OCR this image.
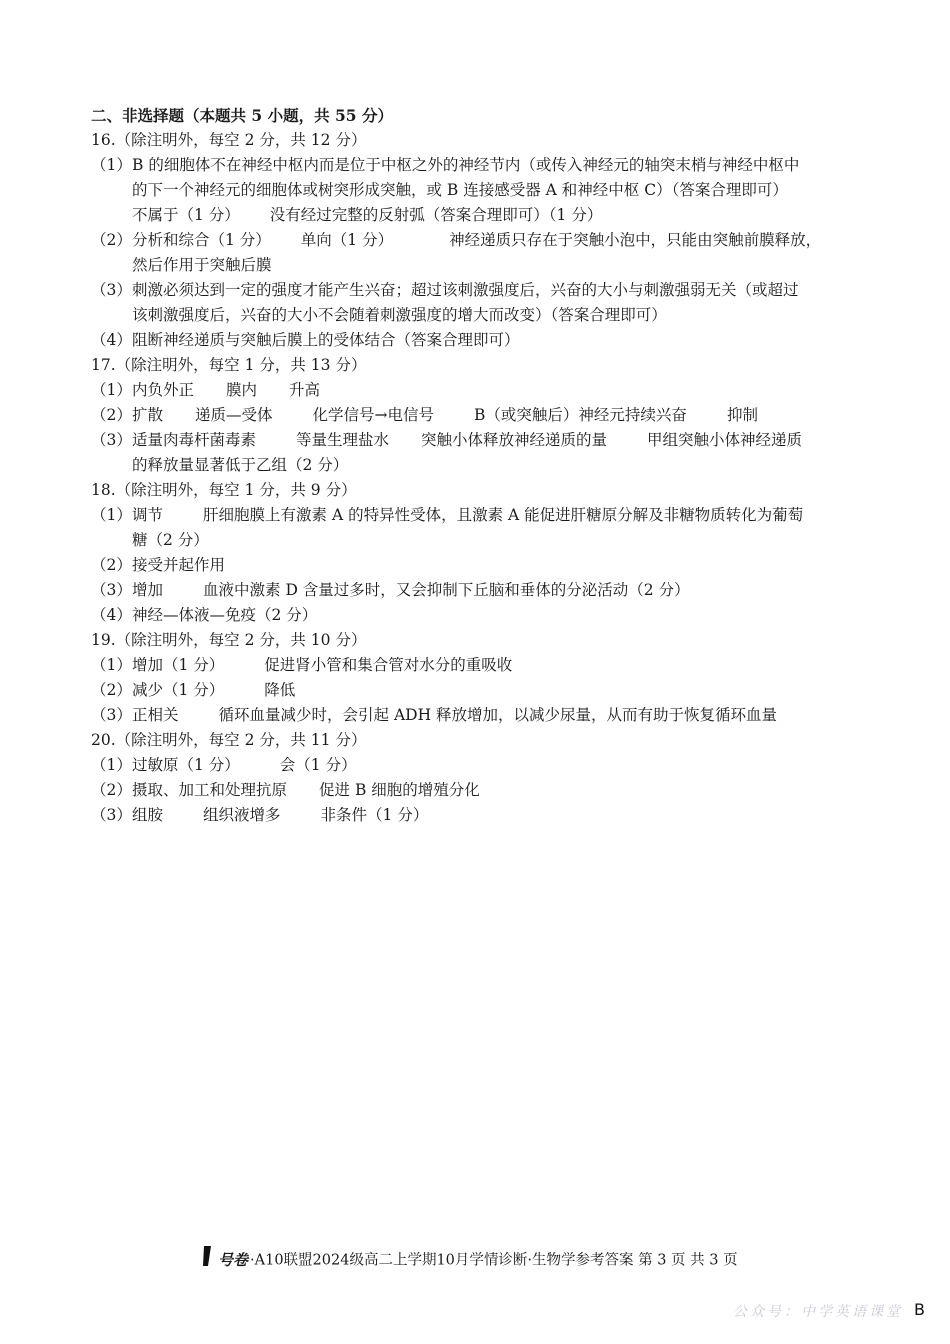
二、非选择题（本题共 5 小题，共 55 分）
16.（除注明外，每空 2 分，共 12 分）
（1）B 的细胞体不在神经中枢内而是位于中枢之外的神经节内（或传入神经元的轴突末梢与神经中枢中
的下一个神经元的细胞体或树突形成突触，或 B 连接感受器 A 和神经中枢 C）（答案合理即可）
不属于（1 分） 没有经过完整的反射弧（答案合理即可）（1 分）
（2）分析和综合（1 分） 单向（1 分）	神经递质只存在于突触小泡中，只能由突触前膜释放，
然后作用于突触后膜
（3）刺激必须达到一定的强度才能产生兴奋；超过该刺激强度后，兴奋的大小与刺激强弱无关（或超过
该刺激强度后，兴奋的大小不会随着刺激强度的增大而改变）（答案合理即可）
（4）阻断神经递质与突触后膜上的受体结合（答案合理即可）
17.（除注明外，每空 1 分，共 13 分）
（1）内负外正 膜内 升高
（2）扩散 递质—受体	化学信号→电信号	B（或突触后）神经元持续兴奋	抑制
（3）适量肉毒杆菌毒素	等量生理盐水 突触小体释放神经递质的量	甲组突触小体神经递质
的释放量显著低于乙组（2 分）
18.（除注明外，每空 1 分，共 9 分）
（1）调节	肝细胞膜上有激素 A 的特异性受体，且激素 A 能促进肝糖原分解及非糖物质转化为葡萄
糖（2 分）
（2）接受并起作用
（3）增加	血液中激素 D 含量过多时，又会抑制下丘脑和垂体的分泌活动（2 分）
（4）神经—体液—免疫（2 分）
19.（除注明外，每空 2 分，共 10 分）
（1）增加（1 分）	促进肾小管和集合管对水分的重吸收
（2）减少（1 分）	降低
（3）正相关	循环血量减少时，会引起 ADH 释放增加，以减少尿量，从而有助于恢复循环血量
20.（除注明外，每空 2 分，共 11 分）
（1）过敏原（1 分）	会（1 分）
（2）摄取、加工和处理抗原 促进 B 细胞的增殖分化
（3）组胺	组织液增多	非条件（1 分）
号卷 ·A10联盟2024级高二上学期10月学情诊断·生物学参考答案 第 3 页 共 3 页
公众号：中学英语课堂 B
